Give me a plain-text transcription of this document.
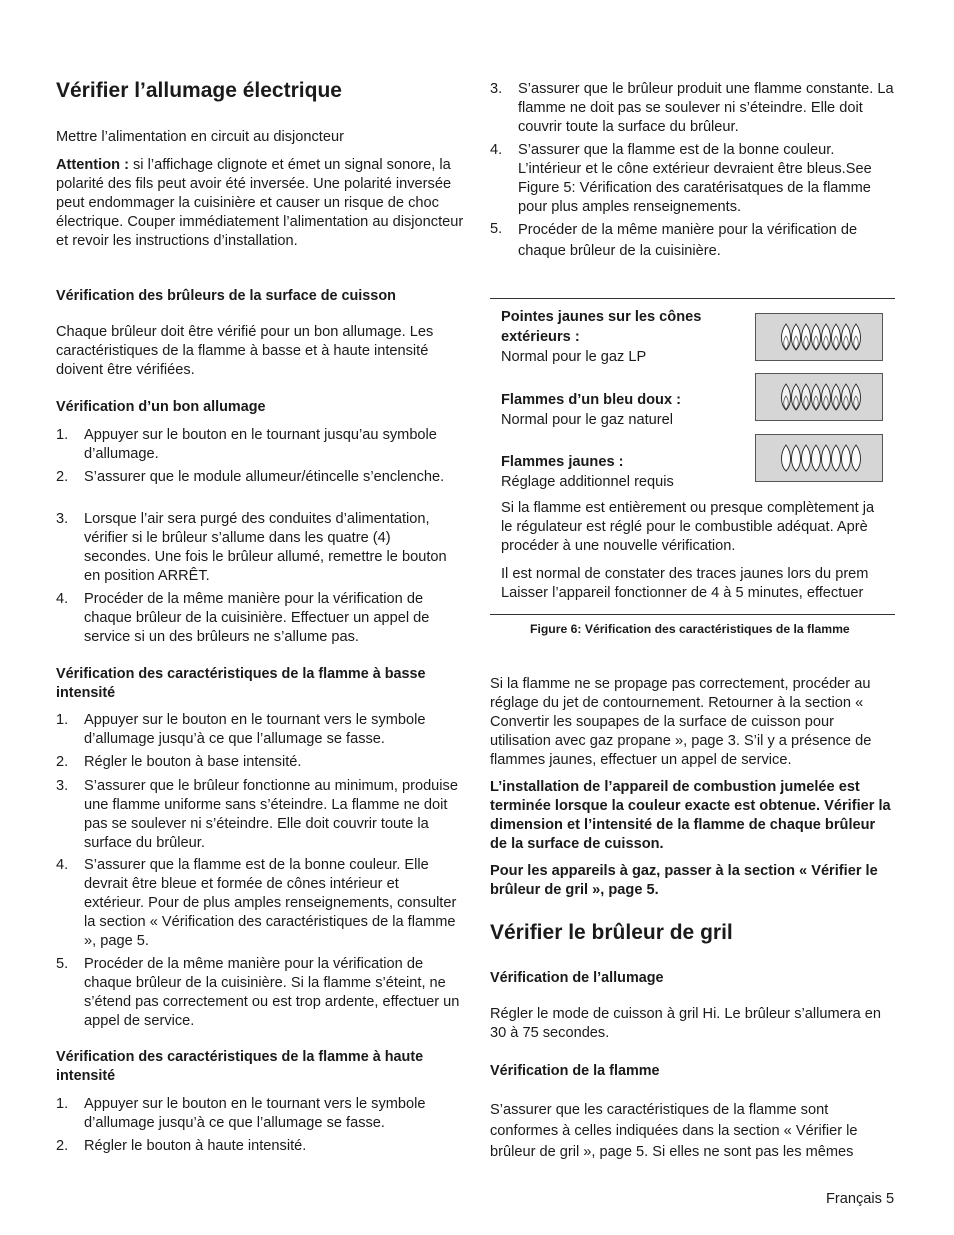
Vérifier l’allumage électrique

Mettre l’alimentation en circuit au disjoncteur

Attention : si l’affichage clignote et émet un signal sonore, la polarité des fils peut avoir été inversée. Une polarité inversée peut endommager la cuisinière et causer un risque de choc électrique. Couper immédiatement l’alimentation au disjoncteur et revoir les instructions d’installation.

Vérification des brûleurs de la surface de cuisson

Chaque brûleur doit être vérifié pour un bon allumage. Les caractéristiques de la flamme à basse et à haute intensité doivent être vérifiées.

Vérification d’un bon allumage
1. Appuyer sur le bouton en le tournant jusqu’au symbole d’allumage.
2. S’assurer que le module allumeur/étincelle s’enclenche.
3. Lorsque l’air sera purgé des conduites d’alimentation, vérifier si le brûleur s’allume dans les quatre (4) secondes. Une fois le brûleur allumé, remettre le bouton en position ARRÊT.
4. Procéder de la même manière pour la vérification de chaque brûleur de la cuisinière. Effectuer un appel de service si un des brûleurs ne s’allume pas.
Vérification des caractéristiques de la flamme à basse intensité
1. Appuyer sur le bouton en le tournant vers le symbole d’allumage jusqu’à ce que l’allumage se fasse.
2. Régler le bouton à base intensité.
3. S’assurer que le brûleur fonctionne au minimum, produise une flamme uniforme sans s’éteindre. La flamme ne doit pas se soulever ni s’éteindre. Elle doit couvrir toute la surface du brûleur.
4. S’assurer que la flamme est de la bonne couleur. Elle devrait être bleue et formée de cônes intérieur et extérieur. Pour de plus amples renseignements, consulter la section « Vérification des caractéristiques de la flamme », page 5.
5. Procéder de la même manière pour la vérification de chaque brûleur de la cuisinière. Si la flamme s’éteint, ne s’étend pas correctement ou est trop ardente, effectuer un appel de service.
Vérification des caractéristiques de la flamme à haute intensité
1. Appuyer sur le bouton en le tournant vers le symbole d’allumage jusqu’à ce que l’allumage se fasse.
2. Régler le bouton à haute intensité.
3. S’assurer que le brûleur produit une flamme constante. La flamme ne doit pas se soulever ni s’éteindre. Elle doit couvrir toute la surface du brûleur.
4. S’assurer que la flamme est de la bonne couleur. L’intérieur et le cône extérieur devraient être bleus.See Figure 5: Vérification des caratérisatques de la flamme pour plus amples renseignements.
5. Procéder de la même manière pour la vérification de chaque brûleur de la cuisinière.
Pointes jaunes sur les cônes extérieurs :
Normal pour le gaz LP
Flammes d’un bleu doux :
Normal pour le gaz naturel
Flammes jaunes :
Réglage additionnel requis
Si la flamme est entièrement ou presque complètement ja
le régulateur est réglé pour le combustible adéquat. Aprè
procéder à une nouvelle vérification.
Il est normal de constater des traces jaunes lors du prem
Laisser l’appareil fonctionner de 4 à 5 minutes, effectuer
Figure 6: Vérification des caractéristiques de la flamme

Si la flamme ne se propage pas correctement, procéder au réglage du jet de contournement. Retourner à la section « Convertir les soupapes de la surface de cuisson pour utilisation avec gaz propane », page 3. S’il y a présence de flammes jaunes, effectuer un appel de service.

L’installation de l’appareil de combustion jumelée est terminée lorsque la couleur exacte est obtenue. Vérifier la dimension et l’intensité de la flamme de chaque brûleur de la surface de cuisson.

Pour les appareils à gaz, passer à la section « Vérifier le brûleur de gril », page 5.

Vérifier le brûleur de gril
Vérification de l’allumage

Régler le mode de cuisson à gril Hi. Le brûleur s’allumera en 30 à 75 secondes.

Vérification de la flamme

S’assurer que les caractéristiques de la flamme sont conformes à celles indiquées dans la section « Vérifier le brûleur de gril », page 5. Si elles ne sont pas les mêmes

Français 5
